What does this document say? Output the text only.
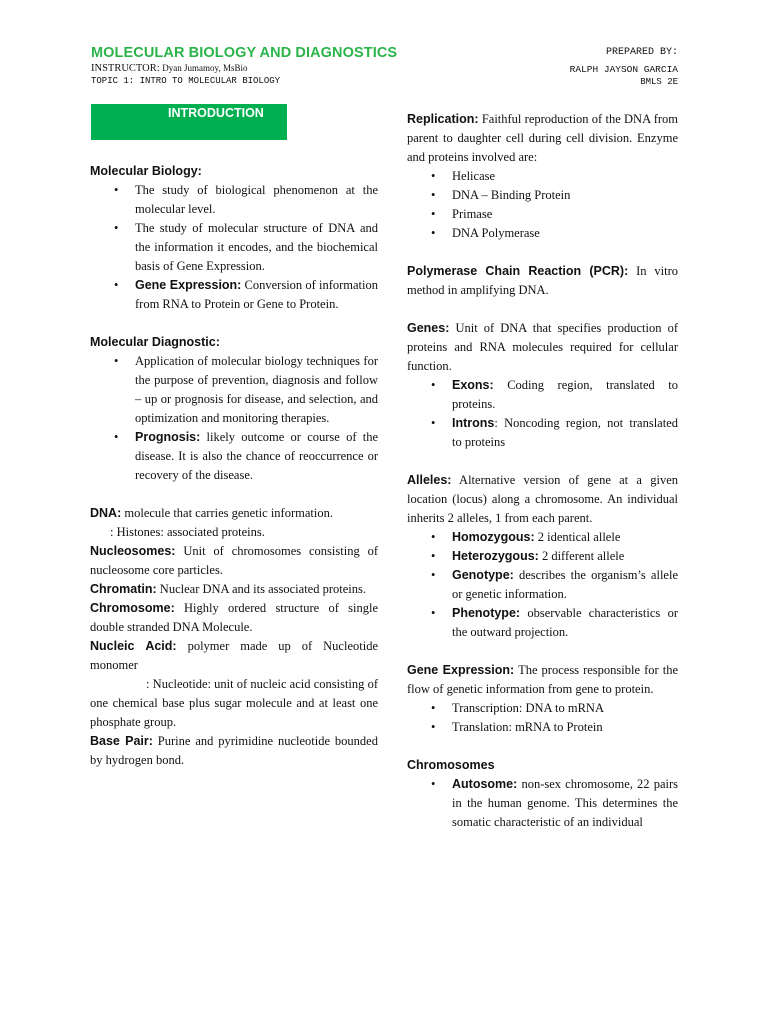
MOLECULAR BIOLOGY AND DIAGNOSTICS
INSTRUCTOR: Dyan Jumamoy, MsBio
TOPIC 1: INTRO TO MOLECULAR BIOLOGY
PREPARED BY:
RALPH JAYSON GARCIA
BMLS 2E
INTRODUCTION

Molecular Biology:

• The study of biological phenomenon at the molecular level.
• The study of molecular structure of DNA and the information it encodes, and the biochemical basis of Gene Expression.
• Gene Expression: Conversion of information from RNA to Protein or Gene to Protein.

Molecular Diagnostic:

• Application of molecular biology techniques for the purpose of prevention, diagnosis and follow – up or prognosis for disease, and selection, and optimization and monitoring therapies.
• Prognosis: likely outcome or course of the disease. It is also the chance of reoccurrence or recovery of the disease.

DNA: molecule that carries genetic information.

: Histones: associated proteins.

Nucleosomes: Unit of chromosomes consisting of nucleosome core particles.

Chromatin: Nuclear DNA and its associated proteins.

Chromosome: Highly ordered structure of single double stranded DNA Molecule.

Nucleic Acid: polymer made up of Nucleotide monomer

: Nucleotide: unit of nucleic acid consisting of one chemical base plus sugar molecule and at least one phosphate group.

Base Pair: Purine and pyrimidine nucleotide bounded by hydrogen bond.

Replication: Faithful reproduction of the DNA from parent to daughter cell during cell division. Enzyme and proteins involved are:

• Helicase
• DNA – Binding Protein
• Primase
• DNA Polymerase

Polymerase Chain Reaction (PCR): In vitro method in amplifying DNA.

Genes: Unit of DNA that specifies production of proteins and RNA molecules required for cellular function.

• Exons: Coding region, translated to proteins.
• Introns: Noncoding region, not translated to proteins

Alleles: Alternative version of gene at a given location (locus) along a chromosome. An individual inherits 2 alleles, 1 from each parent.

• Homozygous: 2 identical allele
• Heterozygous: 2 different allele
• Genotype: describes the organism’s allele or genetic information.
• Phenotype: observable characteristics or the outward projection.

Gene Expression: The process responsible for the flow of genetic information from gene to protein.

• Transcription: DNA to mRNA
• Translation: mRNA to Protein

Chromosomes

• Autosome: non-sex chromosome, 22 pairs in the human genome. This determines the somatic characteristic of an individual
